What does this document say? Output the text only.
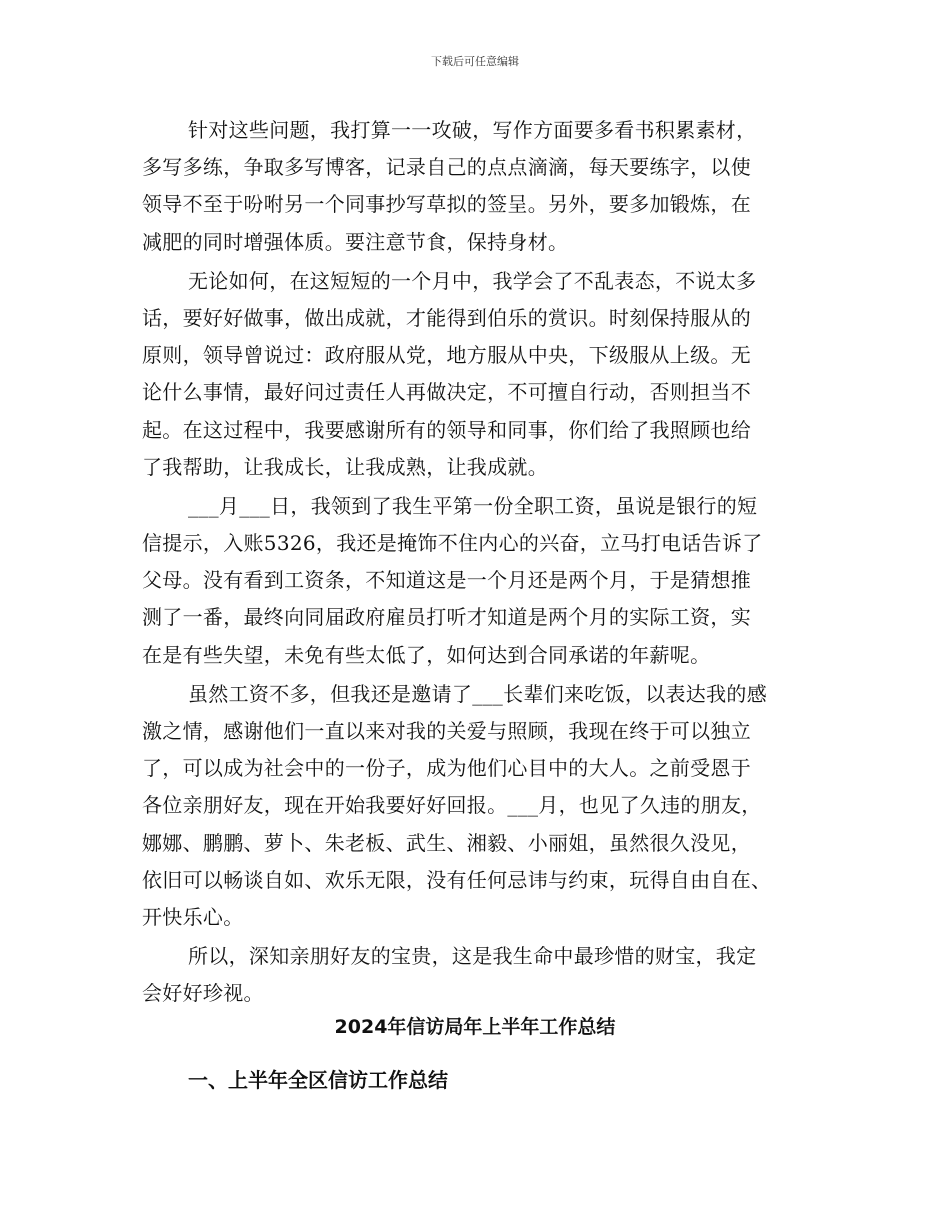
下载后可任意编辑
针对这些问题，我打算一一攻破，写作方面要多看书积累素材，
多写多练，争取多写博客，记录自己的点点滴滴，每天要练字，以使
领导不至于吩咐另一个同事抄写草拟的签呈。另外，要多加锻炼，在
减肥的同时增强体质。要注意节食，保持身材。
无论如何，在这短短的一个月中，我学会了不乱表态，不说太多
话，要好好做事，做出成就，才能得到伯乐的赏识。时刻保持服从的
原则，领导曾说过：政府服从党，地方服从中央，下级服从上级。无
论什么事情，最好问过责任人再做决定，不可擅自行动，否则担当不
起。在这过程中，我要感谢所有的领导和同事，你们给了我照顾也给
了我帮助，让我成长，让我成熟，让我成就。
___月___日，我领到了我生平第一份全职工资，虽说是银行的短
信提示，入账5326，我还是掩饰不住内心的兴奋，立马打电话告诉了
父母。没有看到工资条，不知道这是一个月还是两个月，于是猜想推
测了一番，最终向同届政府雇员打听才知道是两个月的实际工资，实
在是有些失望，未免有些太低了，如何达到合同承诺的年薪呢。
虽然工资不多，但我还是邀请了___长辈们来吃饭，以表达我的感
激之情，感谢他们一直以来对我的关爱与照顾，我现在终于可以独立
了，可以成为社会中的一份子，成为他们心目中的大人。之前受恩于
各位亲朋好友，现在开始我要好好回报。___月，也见了久违的朋友，
娜娜、鹏鹏、萝卜、朱老板、武生、湘毅、小丽姐，虽然很久没见，
依旧可以畅谈自如、欢乐无限，没有任何忌讳与约束，玩得自由自在、
开快乐心。
所以，深知亲朋好友的宝贵，这是我生命中最珍惜的财宝，我定
会好好珍视。
2024年信访局年上半年工作总结
一、上半年全区信访工作总结
